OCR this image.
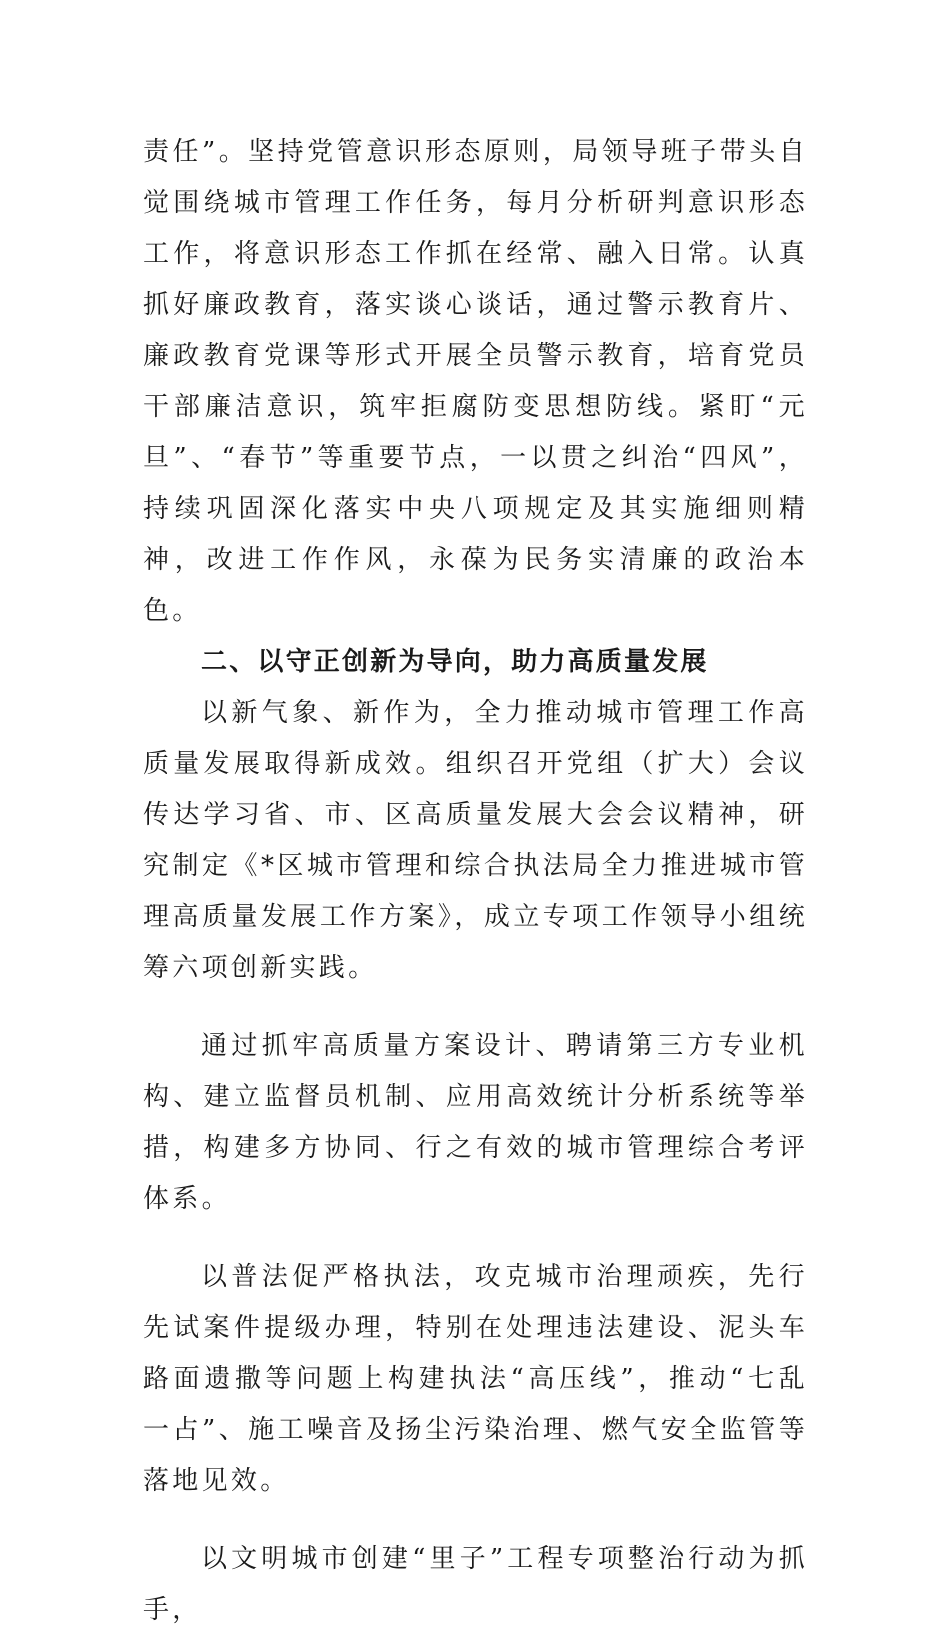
责任”。坚持党管意识形态原则，局领导班子带头自觉围绕城市管理工作任务，每月分析研判意识形态工作，将意识形态工作抓在经常、融入日常。认真抓好廉政教育，落实谈心谈话，通过警示教育片、廉政教育党课等形式开展全员警示教育，培育党员干部廉洁意识，筑牢拒腐防变思想防线。紧盯“元旦”、“春节”等重要节点，一以贯之纠治“四风”，持续巩固深化落实中央八项规定及其实施细则精神，改进工作作风，永葆为民务实清廉的政治本色。

二、以守正创新为导向，助力高质量发展

以新气象、新作为，全力推动城市管理工作高质量发展取得新成效。组织召开党组（扩大）会议传达学习省、市、区高质量发展大会会议精神，研究制定《*区城市管理和综合执法局全力推进城市管理高质量发展工作方案》，成立专项工作领导小组统筹六项创新实践。

通过抓牢高质量方案设计、聘请第三方专业机构、建立监督员机制、应用高效统计分析系统等举措，构建多方协同、行之有效的城市管理综合考评体系。

以普法促严格执法，攻克城市治理顽疾，先行先试案件提级办理，特别在处理违法建设、泥头车路面遗撒等问题上构建执法“高压线”，推动“七乱一占”、施工噪音及扬尘污染治理、燃气安全监管等落地见效。

以文明城市创建“里子”工程专项整治行动为抓手，
